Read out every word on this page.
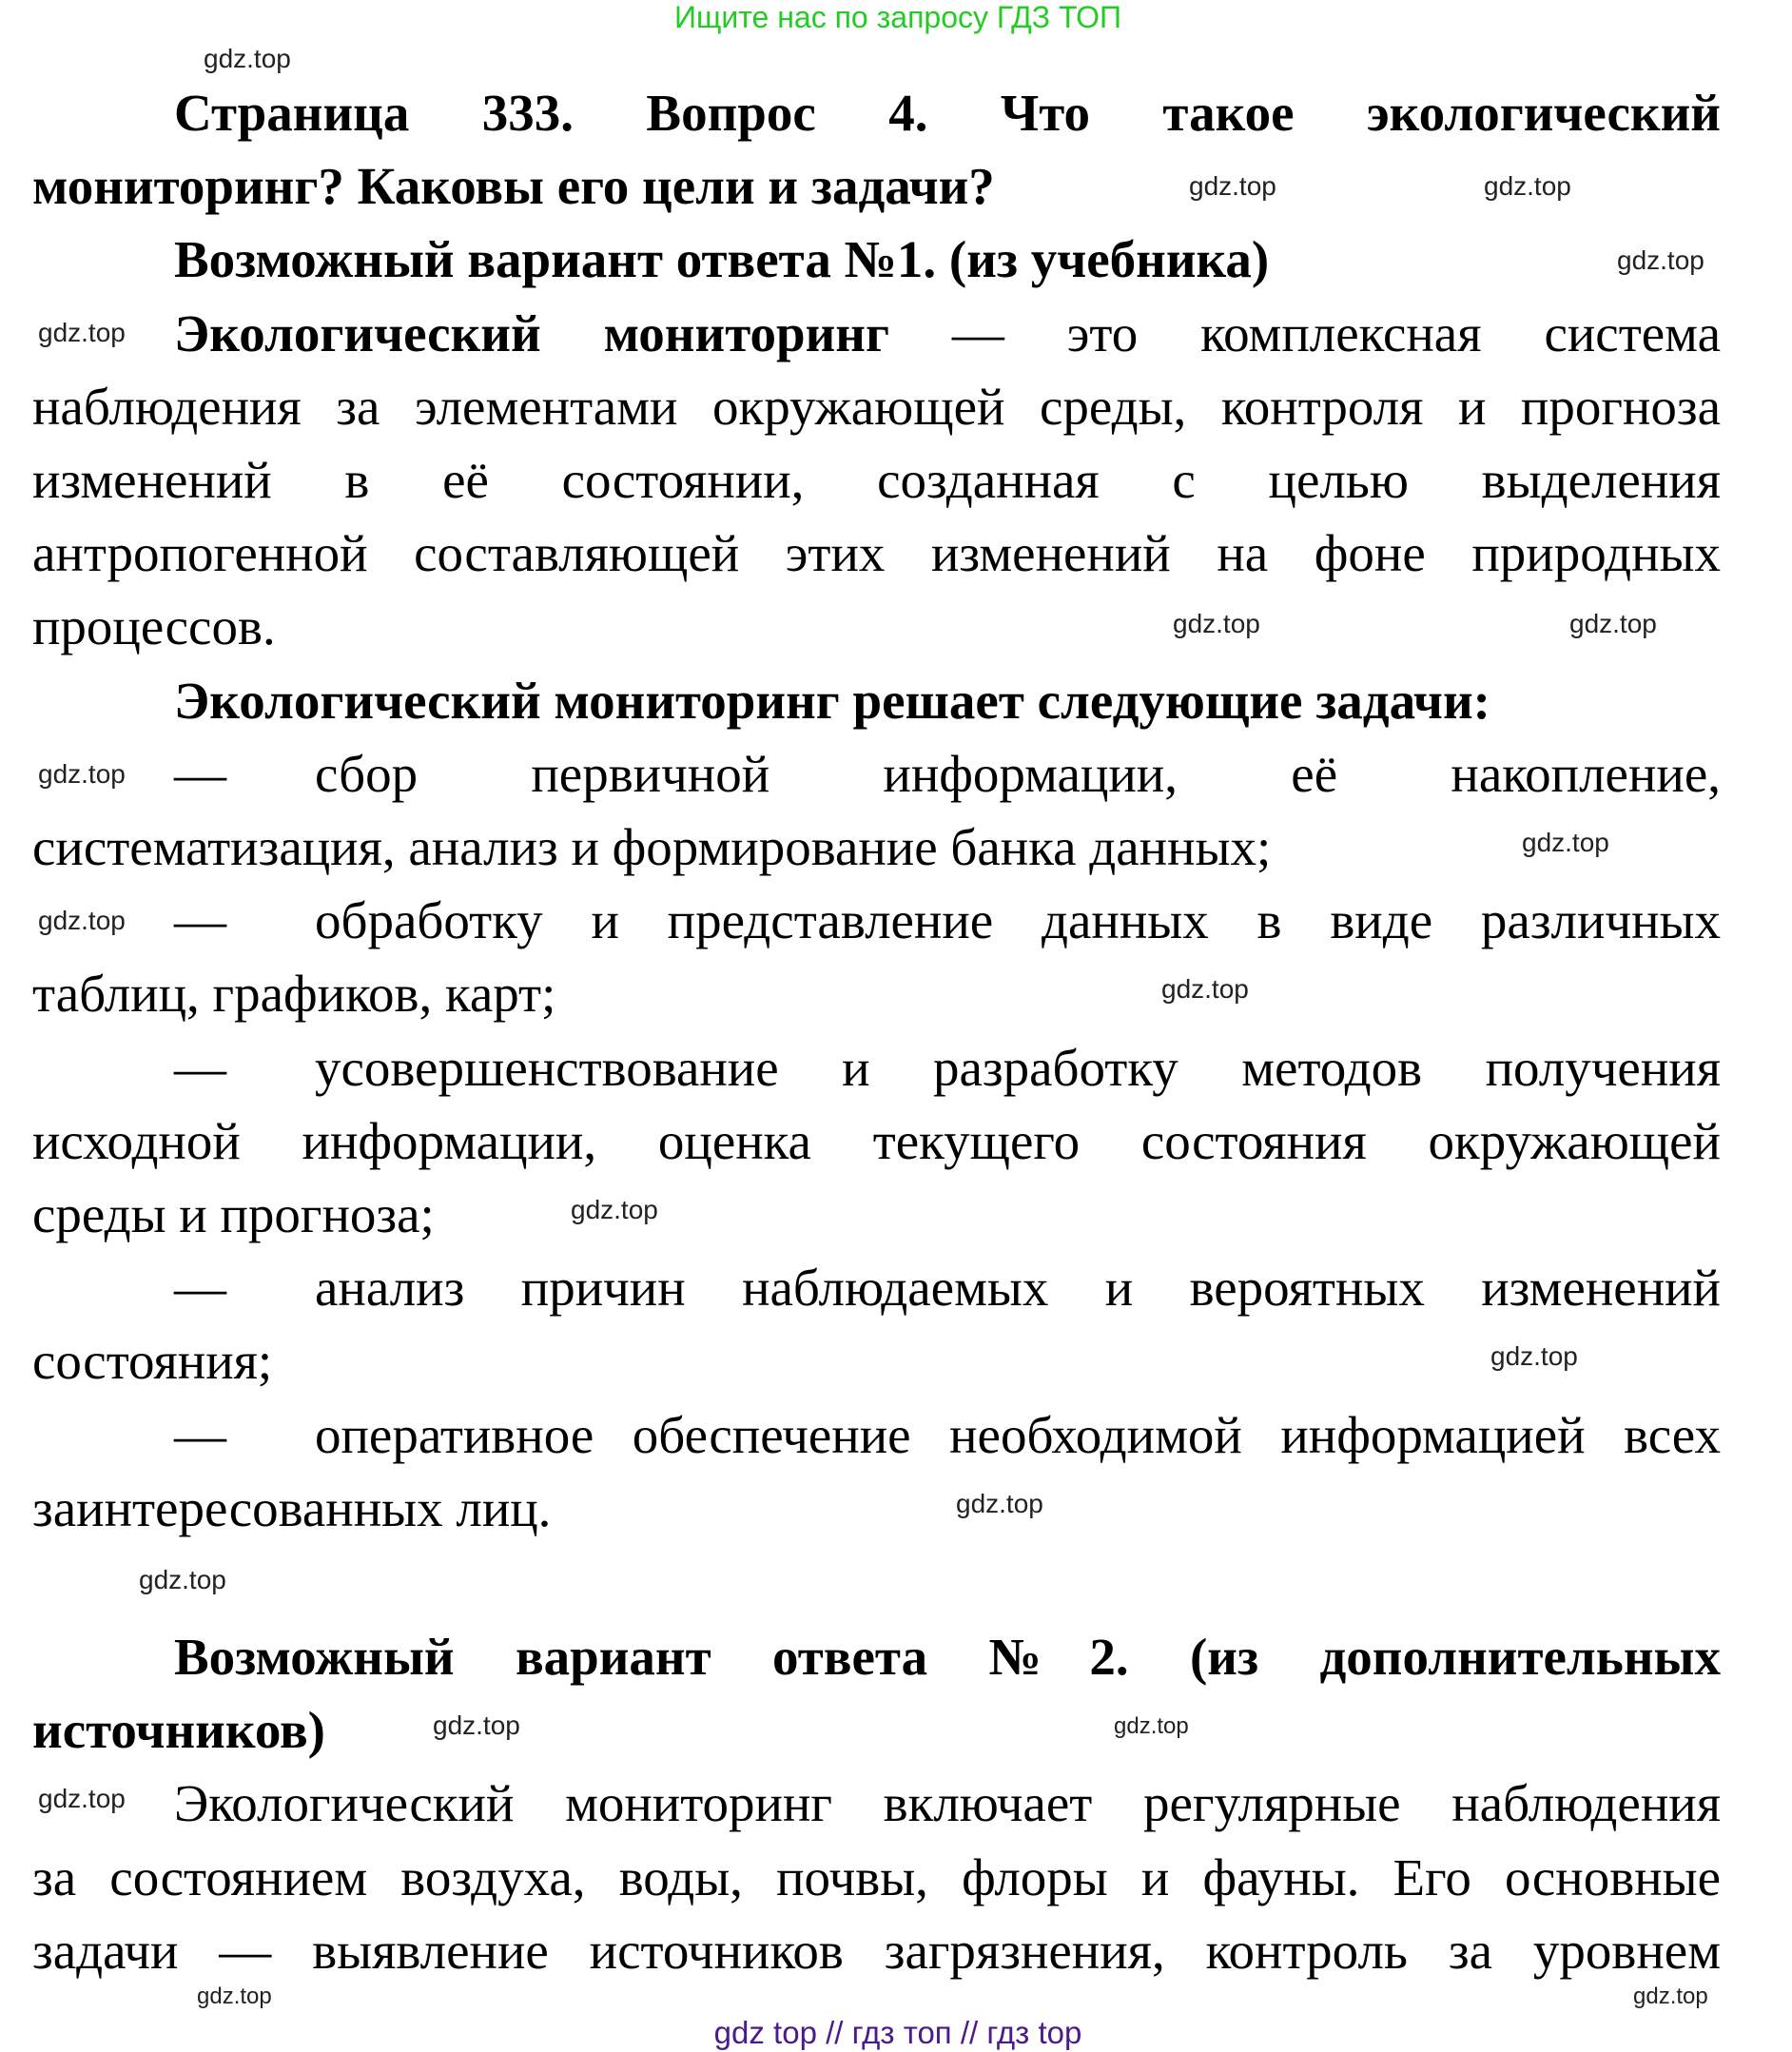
Ищите нас по запросу ГДЗ ТОП
Страница 333. Вопрос 4. Что такое экологический
мониторинг? Каковы его цели и задачи?
Возможный вариант ответа №1. (из учебника)
Экологический мониторинг — это комплексная система
наблюдения за элементами окружающей среды, контроля и прогноза
изменений в её состоянии, созданная с целью выделения
антропогенной составляющей этих изменений на фоне природных
процессов.
Экологический мониторинг решает следующие задачи:
— сбор первичной информации, её накопление,
систематизация, анализ и формирование банка данных;
— обработку и представление данных в виде различных
таблиц, графиков, карт;
— усовершенствование и разработку методов получения
исходной информации, оценка текущего состояния окружающей
среды и прогноза;
— анализ причин наблюдаемых и вероятных изменений
состояния;
— оперативное обеспечение необходимой информацией всех
заинтересованных лиц.
Возможный вариант ответа №2. (из дополнительных
источников)
Экологический мониторинг включает регулярные наблюдения
за состоянием воздуха, воды, почвы, флоры и фауны. Его основные
задачи — выявление источников загрязнения, контроль за уровнем
gdz.top
gdz.top	gdz.top
gdz.top
gdz.top
gdz.top	gdz.top
gdz.top
gdz.top
gdz.top
gdz.top
gdz.top
gdz.top
gdz.top
gdz.top
gdz.top	gdz.top
gdz.top
gdz.top	gdz.top
gdz top // гдз топ // гдз top
